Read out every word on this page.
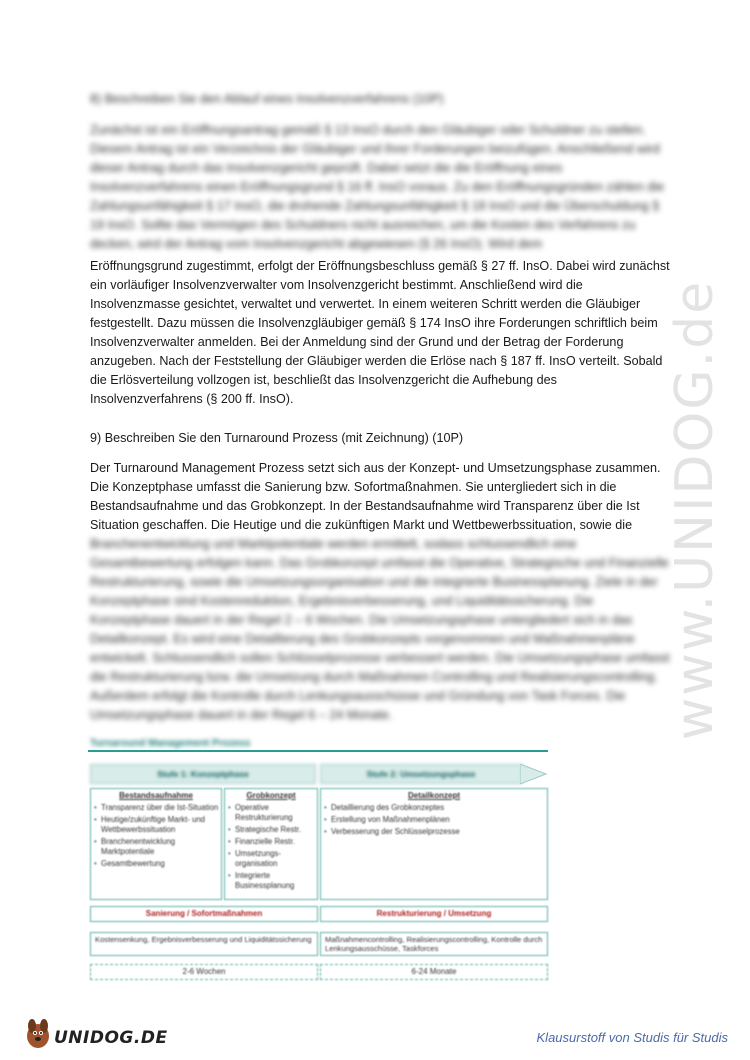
8) Beschreiben Sie den Ablauf eines Insolvenzverfahrens (10P)

Zunächst ist ein Eröffnungsantrag gemäß § 13 InsO durch den Gläubiger oder Schuldner zu stellen. Diesem Antrag ist ein Verzeichnis der Gläubiger und ihrer Forderungen beizufügen. Anschließend wird dieser Antrag durch das Insolvenzgericht geprüft. Dabei setzt die die Eröffnung eines Insolvenzverfahrens einen Eröffnungsgrund § 16 ff. InsO voraus. Zu den Eröffnungsgründen zählen die Zahlungsunfähigkeit § 17 InsO, die drohende Zahlungsunfähigkeit § 18 InsO und die Überschuldung § 19 InsO. Sollte das Vermögen des Schuldners nicht ausreichen, um die Kosten des Verfahrens zu decken, wird der Antrag vom Insolvenzgericht abgewiesen (§ 26 InsO). Wird dem

Eröffnungsgrund zugestimmt, erfolgt der Eröffnungsbeschluss gemäß § 27 ff. InsO. Dabei wird zunächst ein vorläufiger Insolvenzverwalter vom Insolvenzgericht bestimmt. Anschließend wird die Insolvenzmasse gesichtet, verwaltet und verwertet. In einem weiteren Schritt werden die Gläubiger festgestellt. Dazu müssen die Insolvenzgläubiger gemäß § 174 InsO ihre Forderungen schriftlich beim Insolvenzverwalter anmelden. Bei der Anmeldung sind der Grund und der Betrag der Forderung anzugeben. Nach der Feststellung der Gläubiger werden die Erlöse nach § 187 ff. InsO verteilt. Sobald die Erlösverteilung vollzogen ist, beschließt das Insolvenzgericht die Aufhebung des Insolvenzverfahrens (§ 200 ff. InsO).

9) Beschreiben Sie den Turnaround Prozess (mit Zeichnung) (10P)

Der Turnaround Management Prozess setzt sich aus der Konzept- und Umsetzungsphase zusammen. Die Konzeptphase umfasst die Sanierung bzw. Sofortmaßnahmen. Sie untergliedert sich in die Bestandsaufnahme und das Grobkonzept. In der Bestandsaufnahme wird Transparenz über die Ist Situation geschaffen. Die Heutige und die zukünftigen Markt und Wettbewerbssituation, sowie die

Branchenentwicklung und Marktpotentiale werden ermittelt, sodass schlussendlich eine Gesamtbewertung erfolgen kann. Das Grobkonzept umfasst die Operative, Strategische und Finanzielle Restrukturierung, sowie die Umsetzungsorganisation und die integrierte Businessplanung. Ziele in der Konzeptphase sind Kostenreduktion, Ergebnisverbesserung, und Liquiditätssicherung. Die Konzeptphase dauert in der Regel 2 – 6 Wochen. Die Umsetzungsphase untergliedert sich in das Detailkonzept. Es wird eine Detaillierung des Grobkonzepts vorgenommen und Maßnahmenpläne entwickelt. Schlussendlich sollen Schlüsselprozesse verbessert werden. Die Umsetzungsphase umfasst die Restrukturierung bzw. die Umsetzung durch Maßnahmen Controlling und Realisierungscontrolling. Außerdem erfolgt die Kontrolle durch Lenkungsausschüsse und Gründung von Task Forces. Die Umsetzungsphase dauert in der Regel 6 – 24 Monate.	www.UNIDOG.de
Turnaround Management Prozess
Stufe 1: Konzeptphase	Stufe 2: Umsetzungsphase
Bestandsaufnahme
• Transparenz über die Ist-Situation
• Heutige/zukünftige Markt- und Wettbewerbssituation
• Branchenentwicklung Marktpotentiale
• Gesamtbewertung
Grobkonzept
• Operative Restrukturierung
• Strategische Restr.
• Finanzielle Restr.
• Umsetzungs-organisation
• Integrierte Businessplanung
Detailkonzept
• Detaillierung des Grobkonzeptes
• Erstellung von Maßnahmenplänen
• Verbesserung der Schlüsselprozesse
Sanierung / Sofortmaßnahmen	Restrukturierung / Umsetzung
Kostensenkung, Ergebnisverbesserung und Liquiditätssicherung	Maßnahmencontrolling, Realisierungscontrolling, Kontrolle durch Lenkungsausschüsse, Taskforces
2-6 Wochen	6-24 Monate
UNIDOG.DE	Klausurstoff von Studis für Studis
